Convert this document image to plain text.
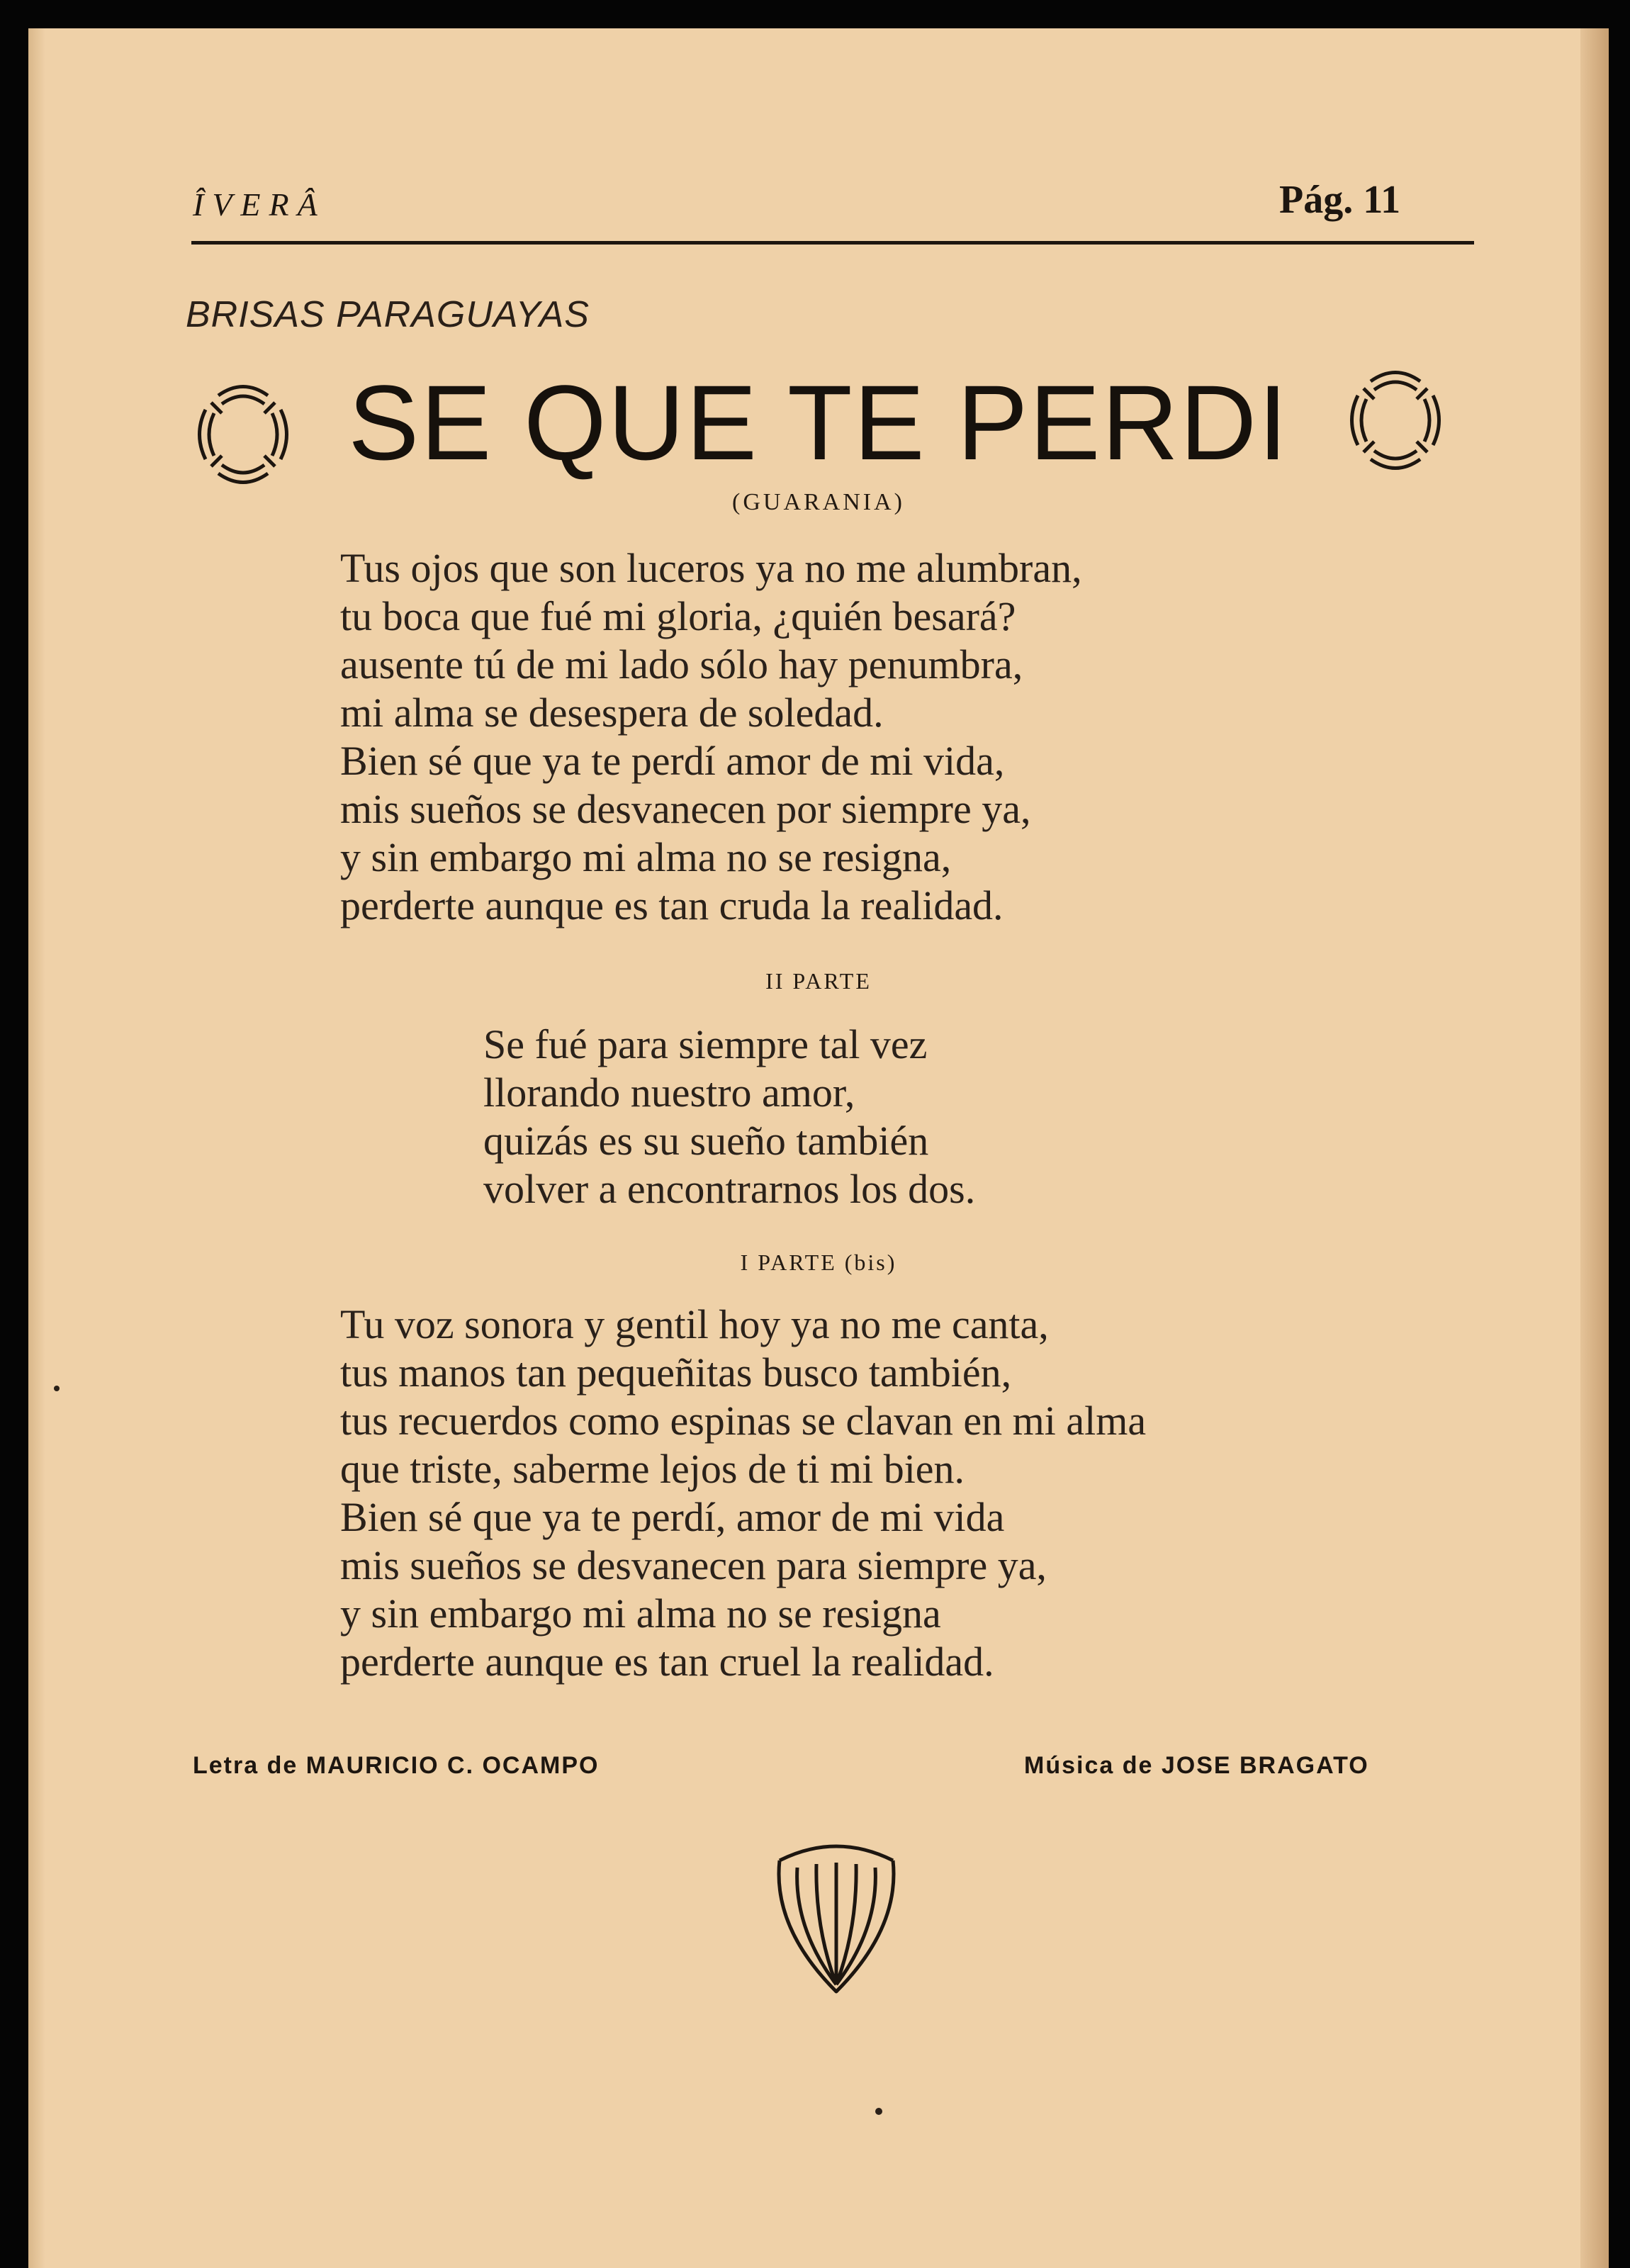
ÎVERÂ	Pág. 11
BRISAS PARAGUAYAS
SE QUE TE PERDI
(GUARANIA)
Tus ojos que son luceros ya no me alumbran,
tu boca que fué mi gloria, ¿quién besará?
ausente tú de mi lado sólo hay penumbra,
mi alma se desespera de soledad.
Bien sé que ya te perdí amor de mi vida,
mis sueños se desvanecen por siempre ya,
y sin embargo mi alma no se resigna,
perderte aunque es tan cruda la realidad.
II PARTE
Se fué para siempre tal vez
llorando nuestro amor,
quizás es su sueño también
volver a encontrarnos los dos.
I PARTE (bis)
Tu voz sonora y gentil hoy ya no me canta,
tus manos tan pequeñitas busco también,
tus recuerdos como espinas se clavan en mi alma
que triste, saberme lejos de ti mi bien.
Bien sé que ya te perdí, amor de mi vida
mis sueños se desvanecen para siempre ya,
y sin embargo mi alma no se resigna
perderte aunque es tan cruel la realidad.
Letra de MAURICIO C. OCAMPO	Música de JOSE BRAGATO
